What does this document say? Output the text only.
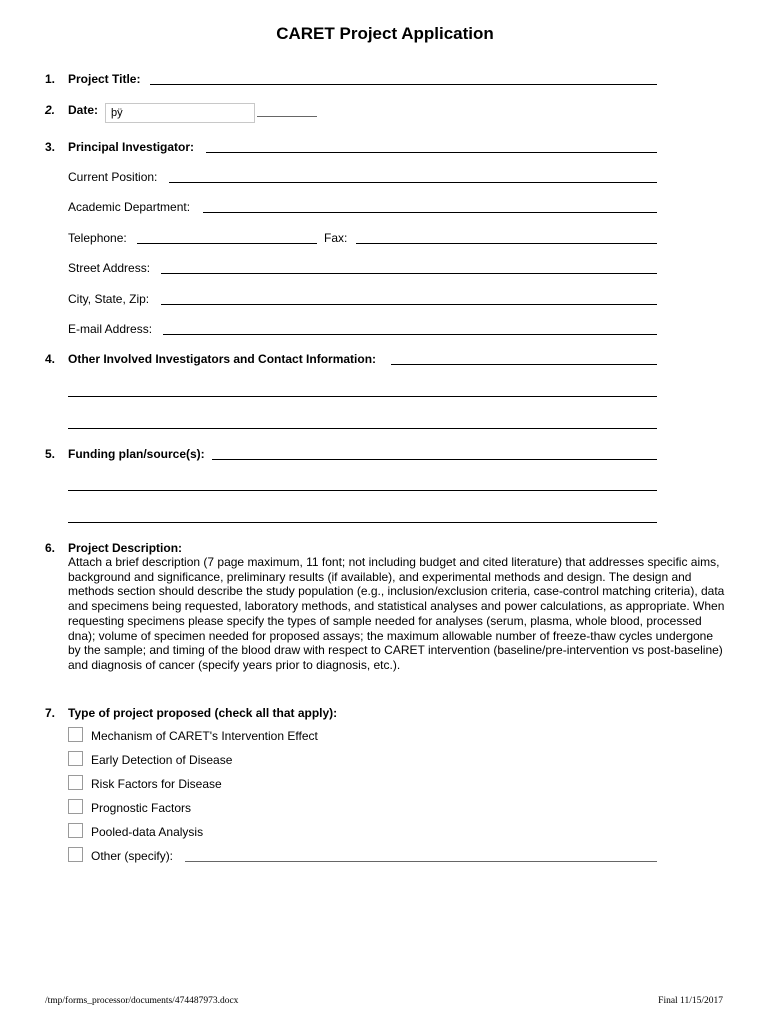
CARET Project Application
1. Project Title:
2. Date:	þÿ
3. Principal Investigator:
Current Position:
Academic Department:
Telephone:	Fax:
Street Address:
City, State, Zip:
E-mail Address:
4. Other Involved Investigators and Contact Information:
5. Funding plan/source(s):
6. Project Description:
Attach a brief description (7 page maximum, 11 font; not including budget and cited literature) that addresses specific aims, background and significance, preliminary results (if available), and experimental methods and design. The design and methods section should describe the study population (e.g., inclusion/exclusion criteria, case-control matching criteria), data and specimens being requested, laboratory methods, and statistical analyses and power calculations, as appropriate. When requesting specimens please specify the types of sample needed for analyses (serum, plasma, whole blood, processed dna); volume of specimen needed for proposed assays; the maximum allowable number of freeze-thaw cycles undergone by the sample; and timing of the blood draw with respect to CARET intervention (baseline/pre-intervention vs post-baseline) and diagnosis of cancer (specify years prior to diagnosis, etc.).
7. Type of project proposed (check all that apply):
Mechanism of CARET's Intervention Effect
Early Detection of Disease
Risk Factors for Disease
Prognostic Factors
Pooled-data Analysis
Other (specify):
/tmp/forms_processor/documents/474487973.docx	Final 11/15/2017
